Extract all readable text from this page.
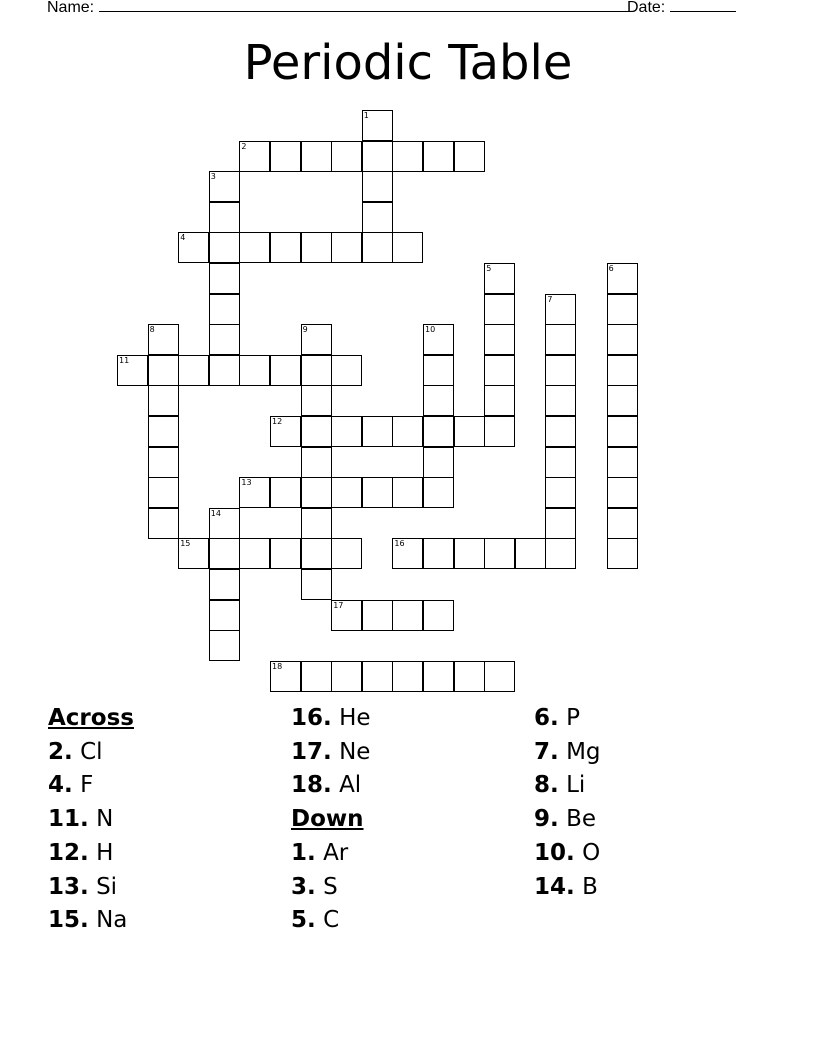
Name:	Date:
Periodic Table
1
2
3
4
5	6
7
8	9	10
11
12
13
14
15	16
17
18
Across
2. Cl
4. F
11. N
12. H
13. Si
15. Na
16. He
17. Ne
18. Al
Down
1. Ar
3. S
5. C
6. P
7. Mg
8. Li
9. Be
10. O
14. B
